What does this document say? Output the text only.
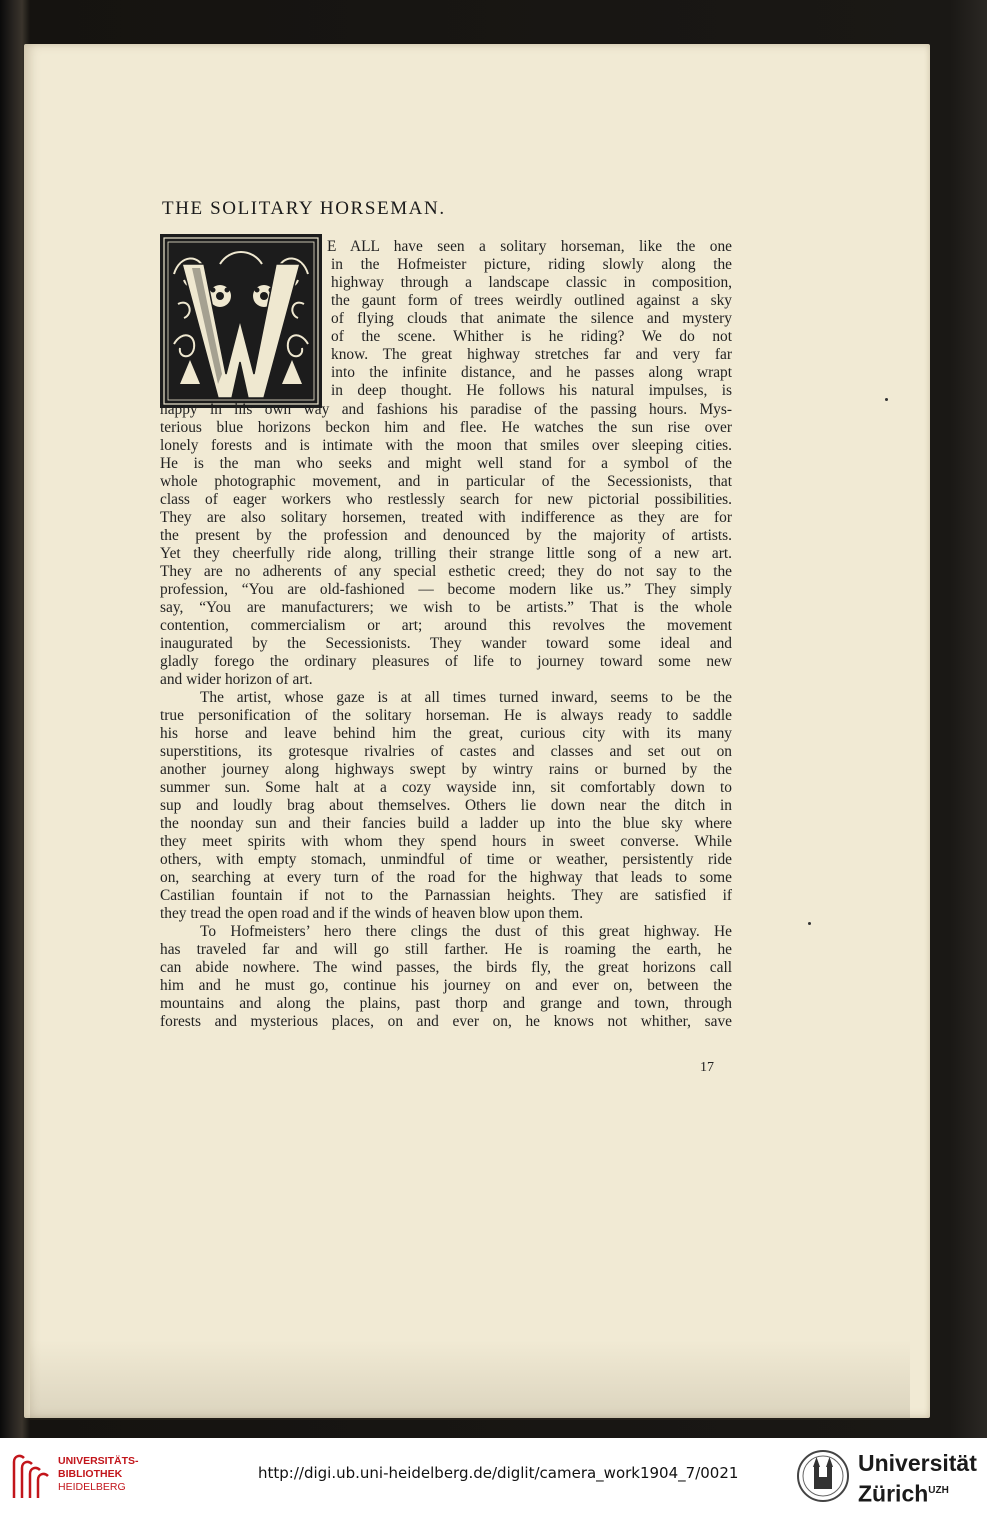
THE SOLITARY HORSEMAN.
E ALL have seen a solitary horseman, like the one
in the Hofmeister picture, riding slowly along the
highway through a landscape classic in composition,
the gaunt form of trees weirdly outlined against a sky
of flying clouds that animate the silence and mystery
of the scene. Whither is he riding? We do not
know. The great highway stretches far and very far
into the infinite distance, and he passes along wrapt
in deep thought. He follows his natural impulses, is
happy in his own way and fashions his paradise of the passing hours. Mys-
terious blue horizons beckon him and flee. He watches the sun rise over
lonely forests and is intimate with the moon that smiles over sleeping cities.
He is the man who seeks and might well stand for a symbol of the
whole photographic movement, and in particular of the Secessionists, that
class of eager workers who restlessly search for new pictorial possibilities.
They are also solitary horsemen, treated with indifference as they are for
the present by the profession and denounced by the majority of artists.
Yet they cheerfully ride along, trilling their strange little song of a new art.
They are no adherents of any special esthetic creed; they do not say to the
profession, “You are old-fashioned — become modern like us.” They simply
say, “You are manufacturers; we wish to be artists.” That is the whole
contention, commercialism or art; around this revolves the movement
inaugurated by the Secessionists. They wander toward some ideal and
gladly forego the ordinary pleasures of life to journey toward some new
and wider horizon of art.
The artist, whose gaze is at all times turned inward, seems to be the
true personification of the solitary horseman. He is always ready to saddle
his horse and leave behind him the great, curious city with its many
superstitions, its grotesque rivalries of castes and classes and set out on
another journey along highways swept by wintry rains or burned by the
summer sun. Some halt at a cozy wayside inn, sit comfortably down to
sup and loudly brag about themselves. Others lie down near the ditch in
the noonday sun and their fancies build a ladder up into the blue sky where
they meet spirits with whom they spend hours in sweet converse. While
others, with empty stomach, unmindful of time or weather, persistently ride
on, searching at every turn of the road for the highway that leads to some
Castilian fountain if not to the Parnassian heights. They are satisfied if
they tread the open road and if the winds of heaven blow upon them.
To Hofmeisters’ hero there clings the dust of this great highway. He
has traveled far and will go still farther. He is roaming the earth, he
can abide nowhere. The wind passes, the birds fly, the great horizons call
him and he must go, continue his journey on and ever on, between the
mountains and along the plains, past thorp and grange and town, through
forests and mysterious places, on and ever on, he knows not whither, save
17
UNIVERSITÄTS-
BIBLIOTHEK
HEIDELBERG
http://digi.ub.uni-heidelberg.de/diglit/camera_work1904_7/0021	Universität
Zürich$^{UZH}$
